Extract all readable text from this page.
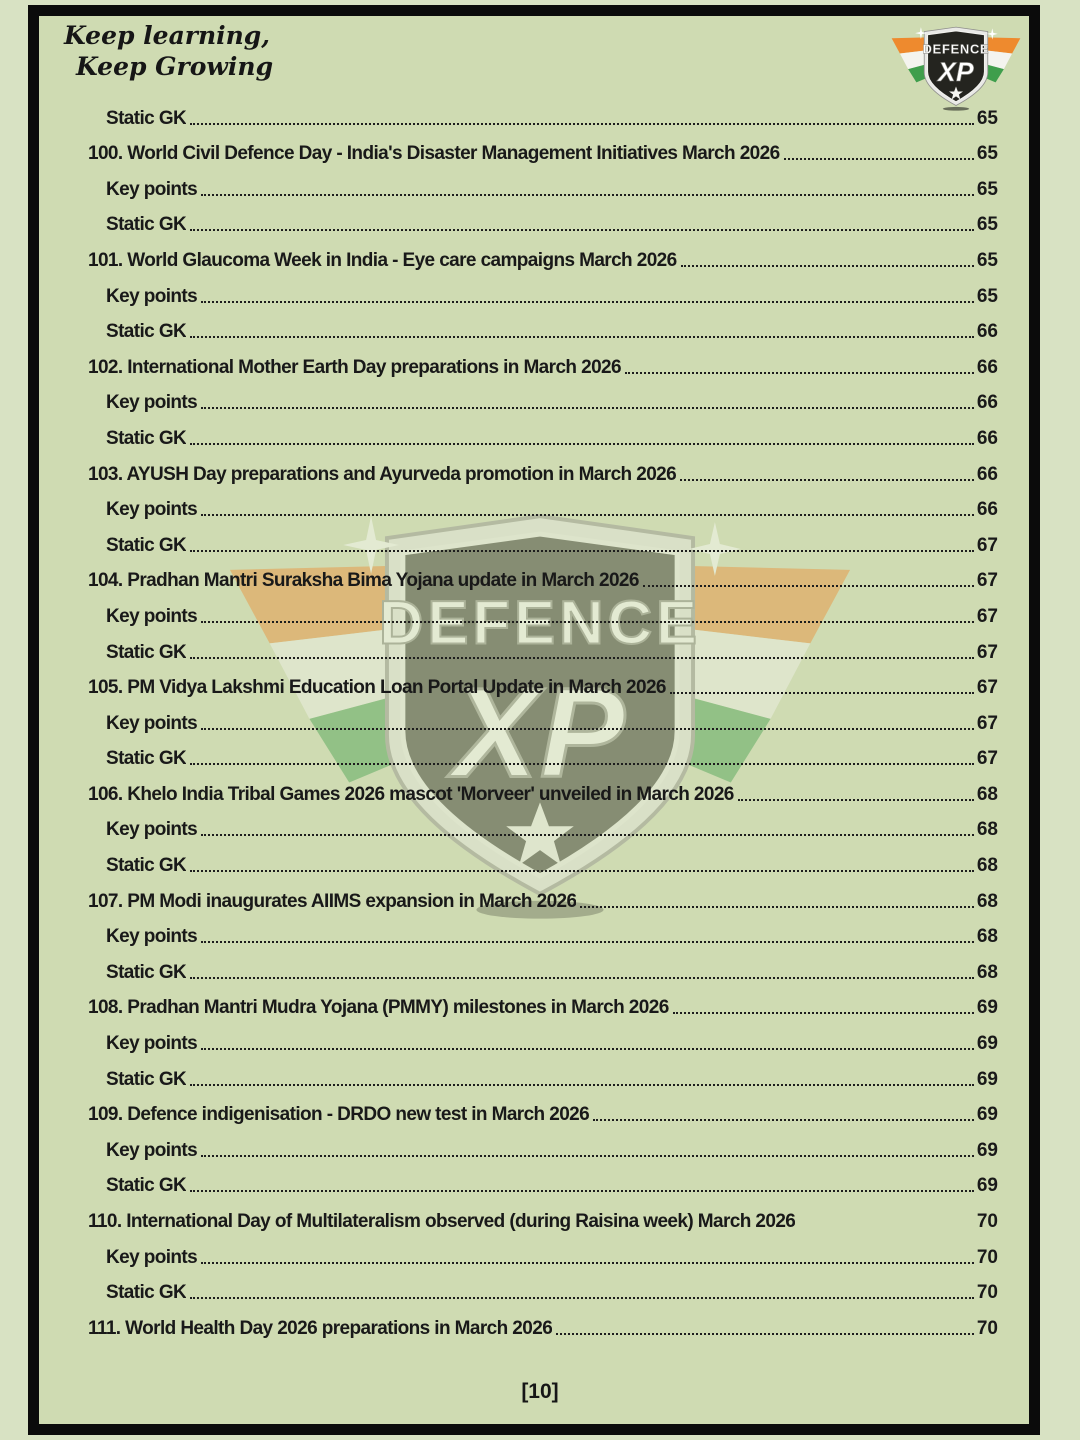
Keep learning,
Keep Growing
Static GK	65
100. World Civil Defence Day - India's Disaster Management Initiatives March 2026	65
Key points	65
Static GK	65
101. World Glaucoma Week in India - Eye care campaigns March 2026	65
Key points	65
Static GK	66
102. International Mother Earth Day preparations in March 2026	66
Key points	66
Static GK	66
103. AYUSH Day preparations and Ayurveda promotion in March 2026	66
Key points	66
Static GK	67
104. Pradhan Mantri Suraksha Bima Yojana update in March 2026	67
Key points	67
Static GK	67
105. PM Vidya Lakshmi Education Loan Portal Update in March 2026	67
Key points	67
Static GK	67
106. Khelo India Tribal Games 2026 mascot 'Morveer' unveiled in March 2026	68
Key points	68
Static GK	68
107. PM Modi inaugurates AIIMS expansion in March 2026	68
Key points	68
Static GK	68
108. Pradhan Mantri Mudra Yojana (PMMY) milestones in March 2026	69
Key points	69
Static GK	69
109. Defence indigenisation - DRDO new test in March 2026	69
Key points	69
Static GK	69
110. International Day of Multilateralism observed (during Raisina week) March 2026	70
Key points	70
Static GK	70
111. World Health Day 2026 preparations in March 2026	70
[10]
